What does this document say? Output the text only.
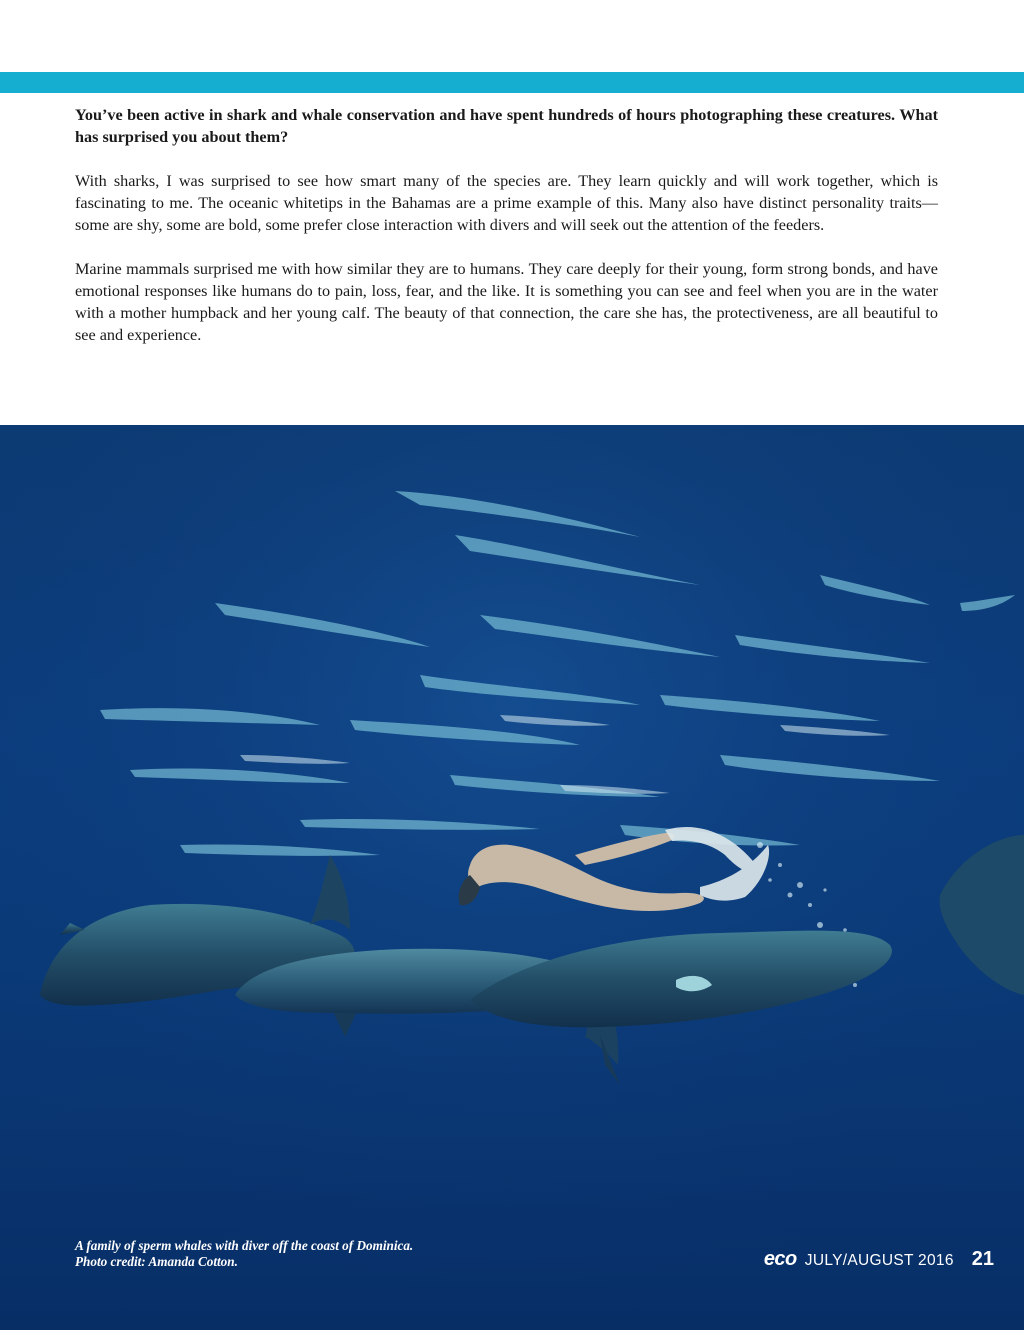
You’ve been active in shark and whale conservation and have spent hundreds of hours photographing these creatures. What has surprised you about them?

With sharks, I was surprised to see how smart many of the species are. They learn quickly and will work together, which is fascinating to me. The oceanic whitetips in the Bahamas are a prime example of this. Many also have distinct personality traits—some are shy, some are bold, some prefer close interaction with divers and will seek out the attention of the feeders.

Marine mammals surprised me with how similar they are to humans. They care deeply for their young, form strong bonds, and have emotional responses like humans do to pain, loss, fear, and the like. It is something you can see and feel when you are in the water with a mother humpback and her young calf. The beauty of that connection, the care she has, the protectiveness, are all beautiful to see and experience.

A family of sperm whales with diver off the coast of Dominica.
Photo credit: Amanda Cotton.	eco JULY/AUGUST 2016 21
